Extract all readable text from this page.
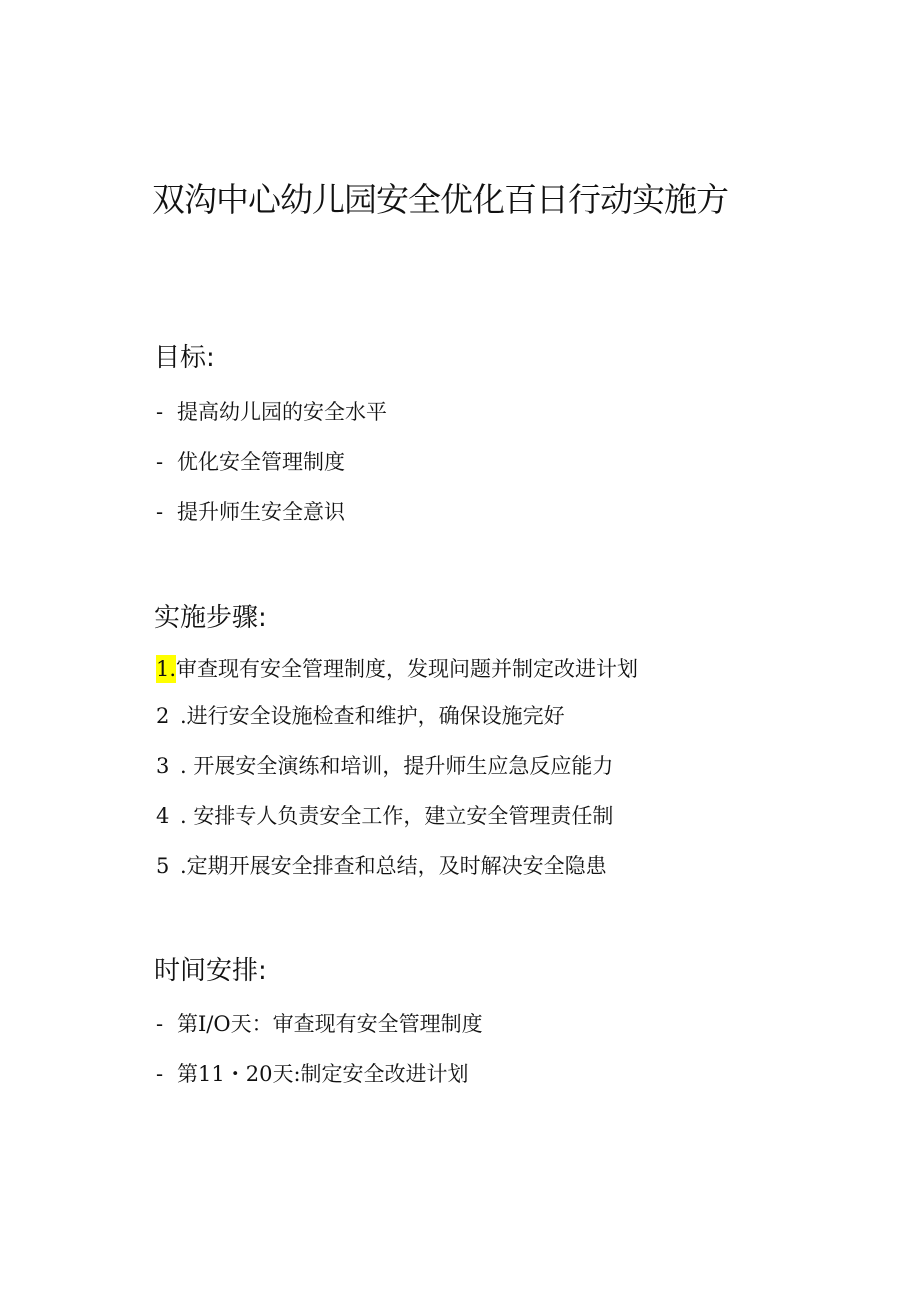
双沟中心幼儿园安全优化百日行动实施方
目标:
- 提高幼儿园的安全水平
- 优化安全管理制度
- 提升师生安全意识
实施步骤:
1.审查现有安全管理制度，发现问题并制定改进计划
2 .进行安全设施检查和维护，确保设施完好
3 . 开展安全演练和培训，提升师生应急反应能力
4 . 安排专人负责安全工作，建立安全管理责任制
5 .定期开展安全排查和总结，及时解决安全隐患
时间安排:
- 第I/O天：审查现有安全管理制度
- 第11・20天:制定安全改进计划
